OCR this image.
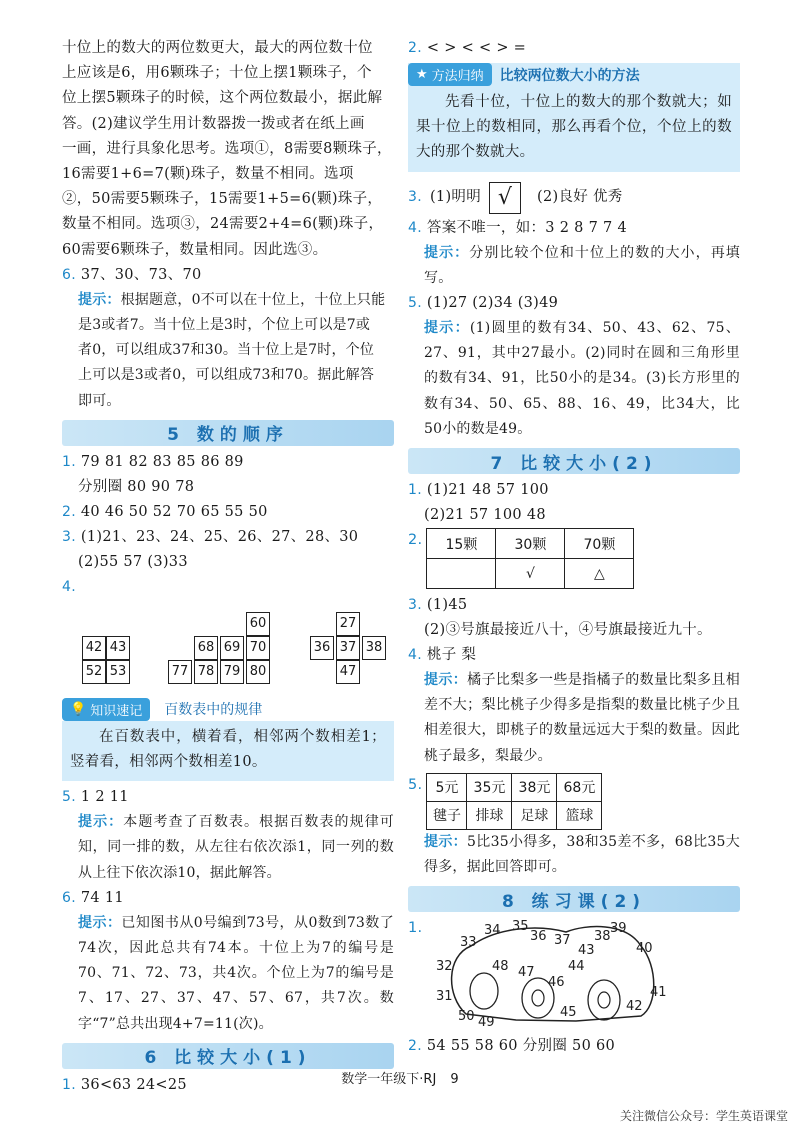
十位上的数大的两位数更大，最大的两位数十位
上应该是6，用6颗珠子；十位上摆1颗珠子，个
位上摆5颗珠子的时候，这个两位数最小，据此解
答。(2)建议学生用计数器拨一拨或者在纸上画
一画，进行具象化思考。选项①，8需要8颗珠子，
16需要1+6=7(颗)珠子，数量不相同。选项
②，50需要5颗珠子，15需要1+5=6(颗)珠子，
数量不相同。选项③，24需要2+4=6(颗)珠子，
60需要6颗珠子，数量相同。因此选③。
6. 37、30、73、70
提示：根据题意，0不可以在十位上，十位上只能
是3或者7。当十位上是3时，个位上可以是7或
者0，可以组成37和30。当十位上是7时，个位
上可以是3或者0，可以组成73和70。据此解答
即可。
5 数的顺序
1. 79 81 82 83 85 86 89
分别圈 80 90 78
2. 40 46 50 52 70 65 55 50
3. (1)21、23、24、25、26、27、28、30
(2)55 57 (3)33
4.
42 43
52 53
60
68 69 70
77 78 79 80
27
36 37 38
47
💡 知识速记 百数表中的规律
在百数表中，横着看，相邻两个数相差1；竖着看，相邻两个数相差10。
5. 1 2 11
提示：本题考查了百数表。根据百数表的规律可知，同一排的数，从左往右依次添1，同一列的数从上往下依次添10，据此解答。
6. 74 11
提示：已知图书从0号编到73号，从0数到73数了74次，因此总共有74本。十位上为7的编号是70、71、72、73，共4次。个位上为7的编号是7、17、27、37、47、57、67，共7次。数字“7”总共出现4+7=11(次)。
6 比较大小(1)
1. 36<63 24<25
2. < > < < > =
★ 方法归纳 比较两位数大小的方法
先看十位，十位上的数大的那个数就大；如果十位上的数相同，那么再看个位，个位上的数大的那个数就大。
3. (1)明明 √	(2)良好 优秀
4. 答案不唯一，如：3 2 8 7 7 4
提示：分别比较个位和十位上的数的大小，再填写。
5. (1)27 (2)34 (3)49
提示：(1)圆里的数有34、50、43、62、75、27、91，其中27最小。(2)同时在圆和三角形里的数有34、91，比50小的是34。(3)长方形里的数有34、50、65、88、16、49，比34大，比50小的数是49。
7 比较大小(2)
1. (1)21 48 57 100
(2)21 57 100 48
2. 15颗	30颗	70颗
	√	△
3. (1)45
(2)③号旗最接近八十，④号旗最接近九十。
4. 桃子 梨
提示：橘子比梨多一些是指橘子的数量比梨多且相差不大；梨比桃子少得多是指梨的数量比桃子少且相差很大，即桃子的数量远远大于梨的数量。因此桃子最多，梨最少。
5. 5元	35元	38元	68元
毽子	排球	足球	篮球
提示：5比35小得多，38和35差不多，68比35大得多，据此回答即可。
8 练习课(2)
1.
33
34 35
36 37 38
39
40
41
42
43
44
45
46
47
48
49
50
31
32
2. 54 55 58 60 分别圈 50 60
数学一年级下·RJ 9
关注微信公众号：学生英语课堂
